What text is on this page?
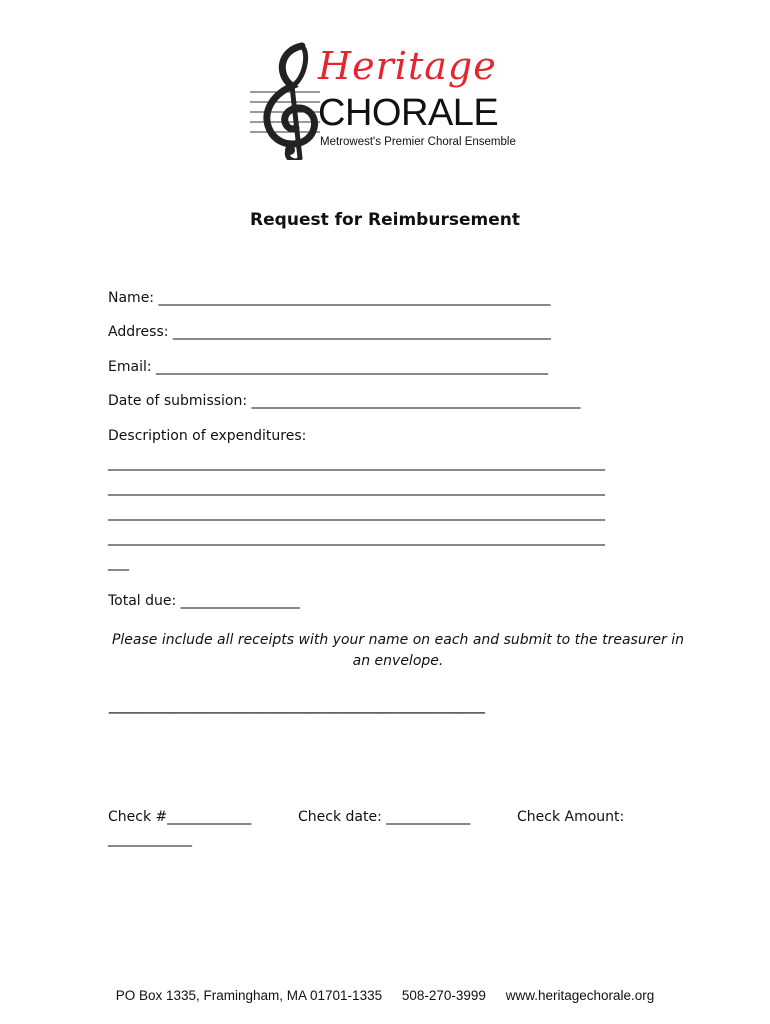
Heritage
CHORALE
Metrowest's Premier Choral Ensemble
Request for Reimbursement
Name: ________________________________________________________
Address: ______________________________________________________
Email: ________________________________________________________
Date of submission: _______________________________________________
Description of expenditures:
_______________________________________________________________________
_______________________________________________________________________
_______________________________________________________________________
_______________________________________________________________________
___
Total due: _________________
Please include all receipts with your name on each and submit to the treasurer in an envelope.
-------------------------------------------------------------------------------------------------------------
Check #____________	Check date: ____________	Check Amount:
____________
PO Box 1335, Framingham, MA 01701-1335 508-270-3999 www.heritagechorale.org
